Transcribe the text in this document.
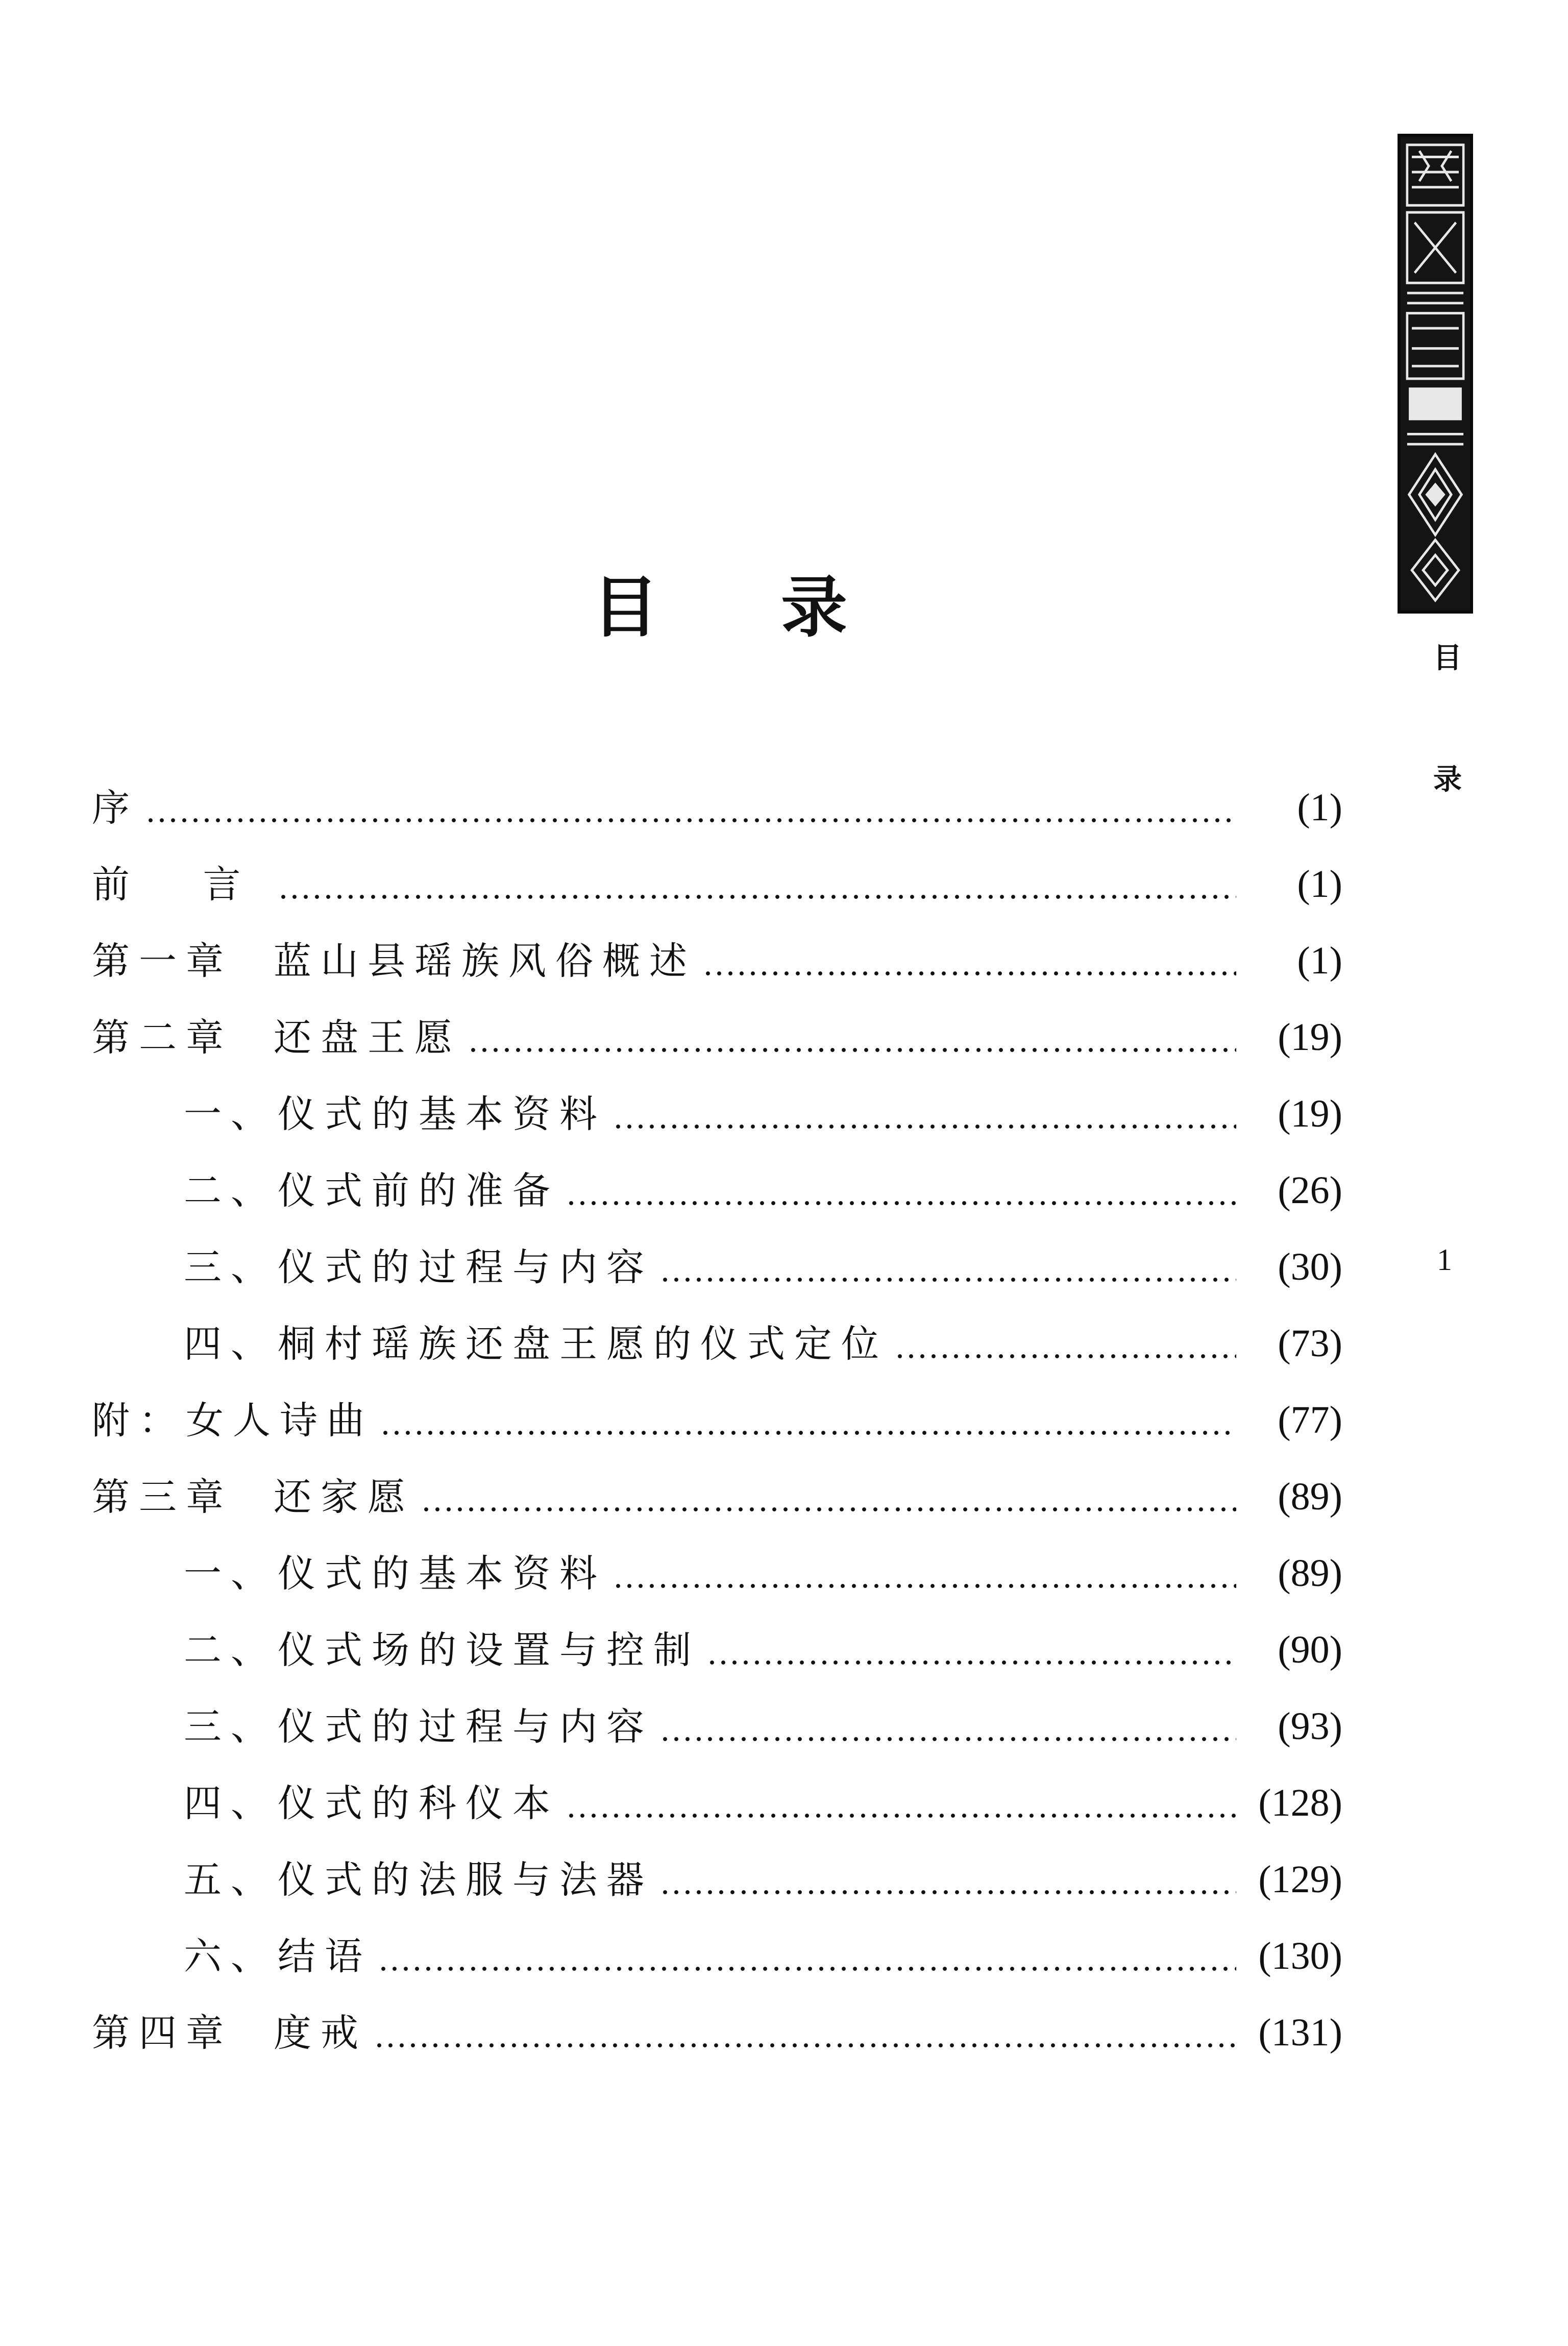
目
录
1
目 录
序	(1)
前 言	(1)
第一章 蓝山县瑶族风俗概述	(1)
第二章 还盘王愿	(19)
一、仪式的基本资料	(19)
二、仪式前的准备	(26)
三、仪式的过程与内容	(30)
四、桐村瑶族还盘王愿的仪式定位	(73)
附：女人诗曲	(77)
第三章 还家愿	(89)
一、仪式的基本资料	(89)
二、仪式场的设置与控制	(90)
三、仪式的过程与内容	(93)
四、仪式的科仪本	(128)
五、仪式的法服与法器	(129)
六、结语	(130)
第四章 度戒	(131)
